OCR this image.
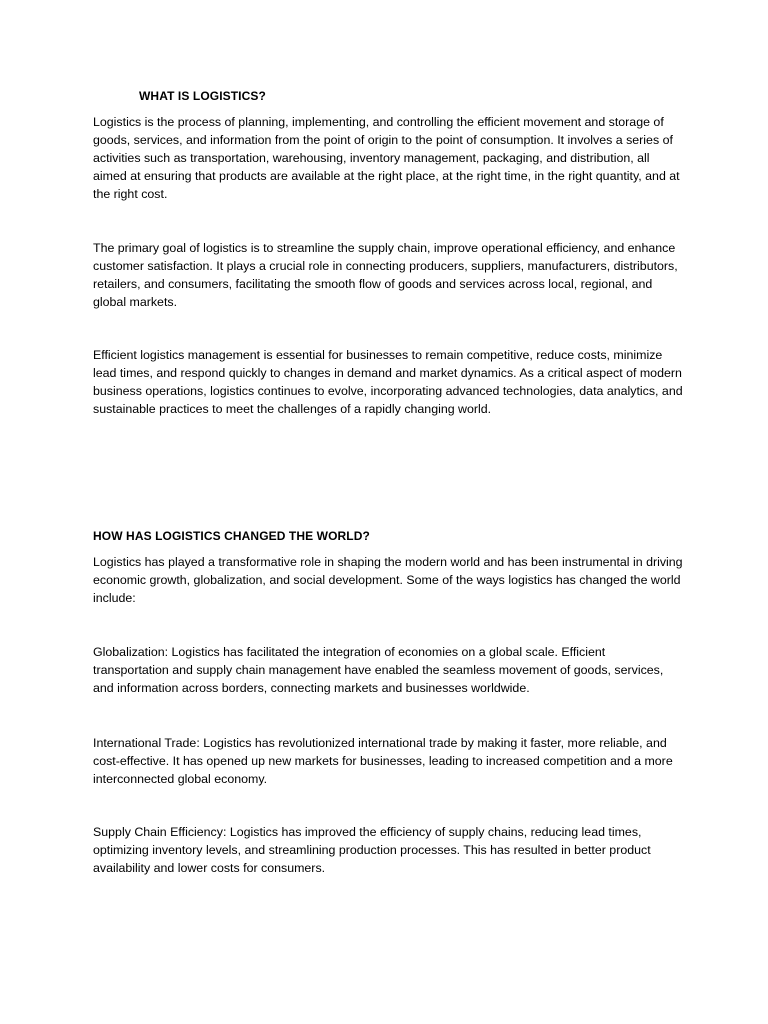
WHAT IS LOGISTICS?

Logistics is the process of planning, implementing, and controlling the efficient movement and storage of goods, services, and information from the point of origin to the point of consumption. It involves a series of activities such as transportation, warehousing, inventory management, packaging, and distribution, all aimed at ensuring that products are available at the right place, at the right time, in the right quantity, and at the right cost.

The primary goal of logistics is to streamline the supply chain, improve operational efficiency, and enhance customer satisfaction. It plays a crucial role in connecting producers, suppliers, manufacturers, distributors, retailers, and consumers, facilitating the smooth flow of goods and services across local, regional, and global markets.

Efficient logistics management is essential for businesses to remain competitive, reduce costs, minimize lead times, and respond quickly to changes in demand and market dynamics. As a critical aspect of modern business operations, logistics continues to evolve, incorporating advanced technologies, data analytics, and sustainable practices to meet the challenges of a rapidly changing world.

HOW HAS LOGISTICS CHANGED THE WORLD?

Logistics has played a transformative role in shaping the modern world and has been instrumental in driving economic growth, globalization, and social development. Some of the ways logistics has changed the world include:

Globalization: Logistics has facilitated the integration of economies on a global scale. Efficient transportation and supply chain management have enabled the seamless movement of goods, services, and information across borders, connecting markets and businesses worldwide.

International Trade: Logistics has revolutionized international trade by making it faster, more reliable, and cost-effective. It has opened up new markets for businesses, leading to increased competition and a more interconnected global economy.

Supply Chain Efficiency: Logistics has improved the efficiency of supply chains, reducing lead times, optimizing inventory levels, and streamlining production processes. This has resulted in better product availability and lower costs for consumers.
